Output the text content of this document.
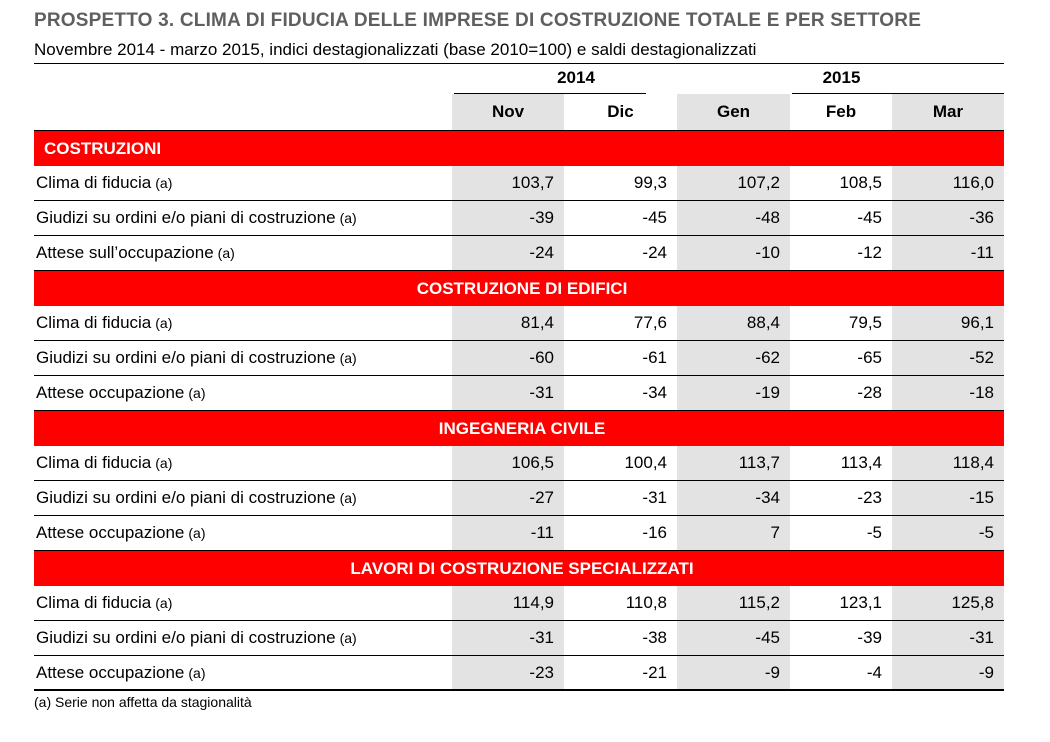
PROSPETTO 3. CLIMA DI FIDUCIA DELLE IMPRESE DI COSTRUZIONE TOTALE E PER SETTORE
Novembre 2014 - marzo 2015, indici destagionalizzati (base 2010=100) e saldi destagionalizzati
2014	2015
Nov	Dic	Gen	Feb	Mar
COSTRUZIONI
Clima di fiducia (a)	103,7	99,3	107,2	108,5	116,0
Giudizi su ordini e/o piani di costruzione (a)	-39	-45	-48	-45	-36
Attese sull’occupazione (a)	-24	-24	-10	-12	-11
COSTRUZIONE DI EDIFICI
Clima di fiducia (a)	81,4	77,6	88,4	79,5	96,1
Giudizi su ordini e/o piani di costruzione (a)	-60	-61	-62	-65	-52
Attese occupazione (a)	-31	-34	-19	-28	-18
INGEGNERIA CIVILE
Clima di fiducia (a)	106,5	100,4	113,7	113,4	118,4
Giudizi su ordini e/o piani di costruzione (a)	-27	-31	-34	-23	-15
Attese occupazione (a)	-11	-16	7	-5	-5
LAVORI DI COSTRUZIONE SPECIALIZZATI
Clima di fiducia (a)	114,9	110,8	115,2	123,1	125,8
Giudizi su ordini e/o piani di costruzione (a)	-31	-38	-45	-39	-31
Attese occupazione (a)	-23	-21	-9	-4	-9
(a) Serie non affetta da stagionalità
